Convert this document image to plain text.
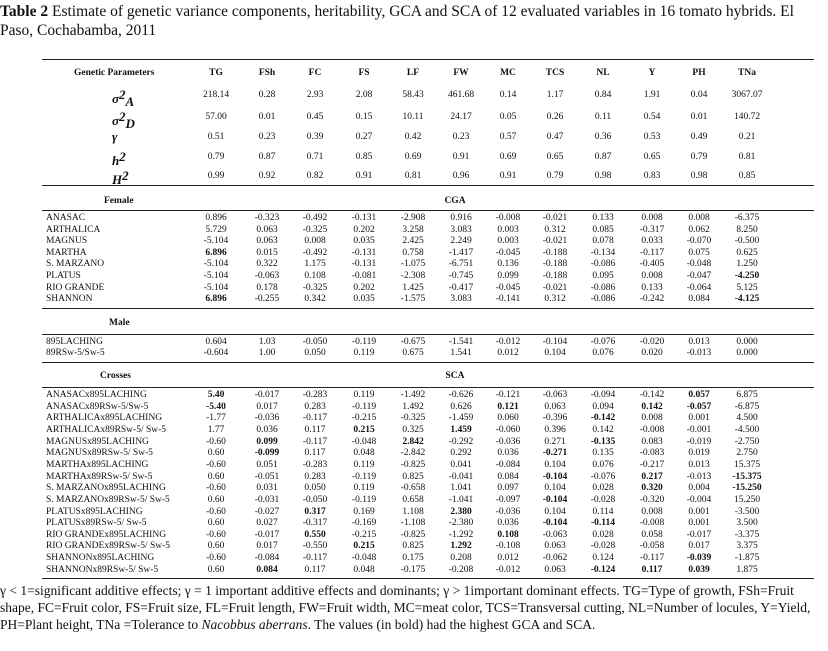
Table 2 Estimate of genetic variance components, heritability, GCA and SCA of 12 evaluated variables in 16 tomato hybrids. El Paso, Cochabamba, 2011
Genetic Parameters	TG	FSh	FC	FS	LF	FW	MC	TCS	NL	Y	PH	TNa
$\sigma^2_A$	218.14	0.28	2.93	2.08	58.43	461.68	0.14	1.17	0.84	1.91	0.04	3067.07
$\sigma^2_D$	57.00	0.01	0.45	0.15	10.11	24.17	0.05	0.26	0.11	0.54	0.01	140.72
γ	0.51	0.23	0.39	0.27	0.42	0.23	0.57	0.47	0.36	0.53	0.49	0.21
$h^2$	0.79	0.87	0.71	0.85	0.69	0.91	0.69	0.65	0.87	0.65	0.79	0.81
$H^2$	0.99	0.92	0.82	0.91	0.81	0.96	0.91	0.79	0.98	0.83	0.98	0.85
Female	CGA
ANASAC	0.896	-0.323	-0.492	-0.131	-2.908	0.916	-0.008	-0.021	0.133	0.008	0.008	-6.375
ARTHALICA	5.729	0.063	-0.325	0.202	3.258	3.083	0.003	0.312	0.085	-0.317	0.062	8.250
MAGNUS	-5.104	0.063	0.008	0.035	2.425	2.249	0.003	-0.021	0.078	0.033	-0.070	-0.500
MARTHA	6.896	0.015	-0.492	-0.131	0.758	-1.417	-0.045	-0.188	-0.134	-0.117	0.075	0.625
S. MARZANO	-5.104	0.322	1.175	-0.131	-1.075	-6.751	0.136	-0.188	-0.086	-0.405	-0.048	1.250
PLATUS	-5.104	-0.063	0.108	-0.081	-2.308	-0.745	0.099	-0.188	0.095	0.008	-0.047	-4.250
RIO GRANDE	-5.104	0.178	-0.325	0.202	1.425	-0.417	-0.045	-0.021	-0.086	0.133	-0.064	5.125
SHANNON	6.896	-0.255	0.342	0.035	-1.575	3.083	-0.141	0.312	-0.086	-0.242	0.084	-4.125
Male
895LACHING	0.604	1.03	-0.050	-0.119	-0.675	-1.541	-0.012	-0.104	-0.076	-0.020	0.013	0.000
89RSw-5/Sw-5	-0.604	1.00	0.050	0.119	0.675	1.541	0.012	0.104	0.076	0.020	-0.013	0.000
Crosses	SCA
ANASACx895LACHING	5.40	-0.017	-0.283	0.119	-1.492	-0.626	-0.121	-0.063	-0.094	-0.142	0.057	6.875
ANASACx89RSw-5/Sw-5	-5.40	0.017	0.283	-0.119	1.492	0.626	0.121	0.063	0.094	0.142	-0.057	-6.875
ARTHALICAx895LACHING	-1.77	-0.036	-0.117	-0.215	-0.325	-1.459	0.060	-0.396	-0.142	0.008	0.001	4.500
ARTHALICAx89RSw-5/ Sw-5	1.77	0.036	0.117	0.215	0.325	1.459	-0.060	0.396	0.142	-0.008	-0.001	-4.500
MAGNUSx895LACHING	-0.60	0.099	-0.117	-0.048	2.842	-0.292	-0.036	0.271	-0.135	0.083	-0.019	-2.750
MAGNUSx89RSw-5/ Sw-5	0.60	-0.099	0.117	0.048	-2.842	0.292	0.036	-0.271	0.135	-0.083	0.019	2.750
MARTHAx895LACHING	-0.60	0.051	-0.283	0.119	-0.825	0.041	-0.084	0.104	0.076	-0.217	0.013	15.375
MARTHAx89RSw-5/ Sw-5	0.60	-0.051	0.283	-0.119	0.825	-0.041	0.084	-0.104	-0.076	0.217	-0.013	-15.375
S. MARZANOx895LACHING	-0.60	0.031	0.050	0.119	-0.658	1.041	0.097	0.104	0.028	0.320	0.004	-15.250
S. MARZANOx89RSw-5/ Sw-5	0.60	-0.031	-0.050	-0.119	0.658	-1.041	-0.097	-0.104	-0.028	-0.320	-0.004	15.250
PLATUSx895LACHING	-0.60	-0.027	0.317	0.169	1.108	2.380	-0.036	0.104	0.114	0.008	0.001	-3.500
PLATUSx89RSw-5/ Sw-5	0.60	0.027	-0.317	-0.169	-1.108	-2.380	0.036	-0.104	-0.114	-0.008	0.001	3.500
RIO GRANDEx895LACHING	-0.60	-0.017	0.550	-0.215	-0.825	-1.292	0.108	-0.063	0.028	0.058	-0.017	-3.375
RIO GRANDEx89RSw-5/ Sw-5	0.60	0.017	-0.550	0.215	0.825	1.292	-0.108	0.063	-0.028	-0.058	0.017	3.375
SHANNONx895LACHING	-0.60	-0.084	-0.117	-0.048	0.175	0.208	0.012	-0.062	0.124	-0.117	-0.039	-1.875
SHANNONx89RSw-5/ Sw-5	0.60	0.084	0.117	0.048	-0.175	-0.208	-0.012	0.063	-0.124	0.117	0.039	1.875
γ < 1=significant additive effects; γ = 1 important additive effects and dominants; γ > 1important dominant effects. TG=Type of growth, FSh=Fruit shape, FC=Fruit color, FS=Fruit size, FL=Fruit length, FW=Fruit width, MC=meat color, TCS=Transversal cutting, NL=Number of locules, Y=Yield, PH=Plant height, TNa =Tolerance to Nacobbus aberrans. The values (in bold) had the highest GCA and SCA.
